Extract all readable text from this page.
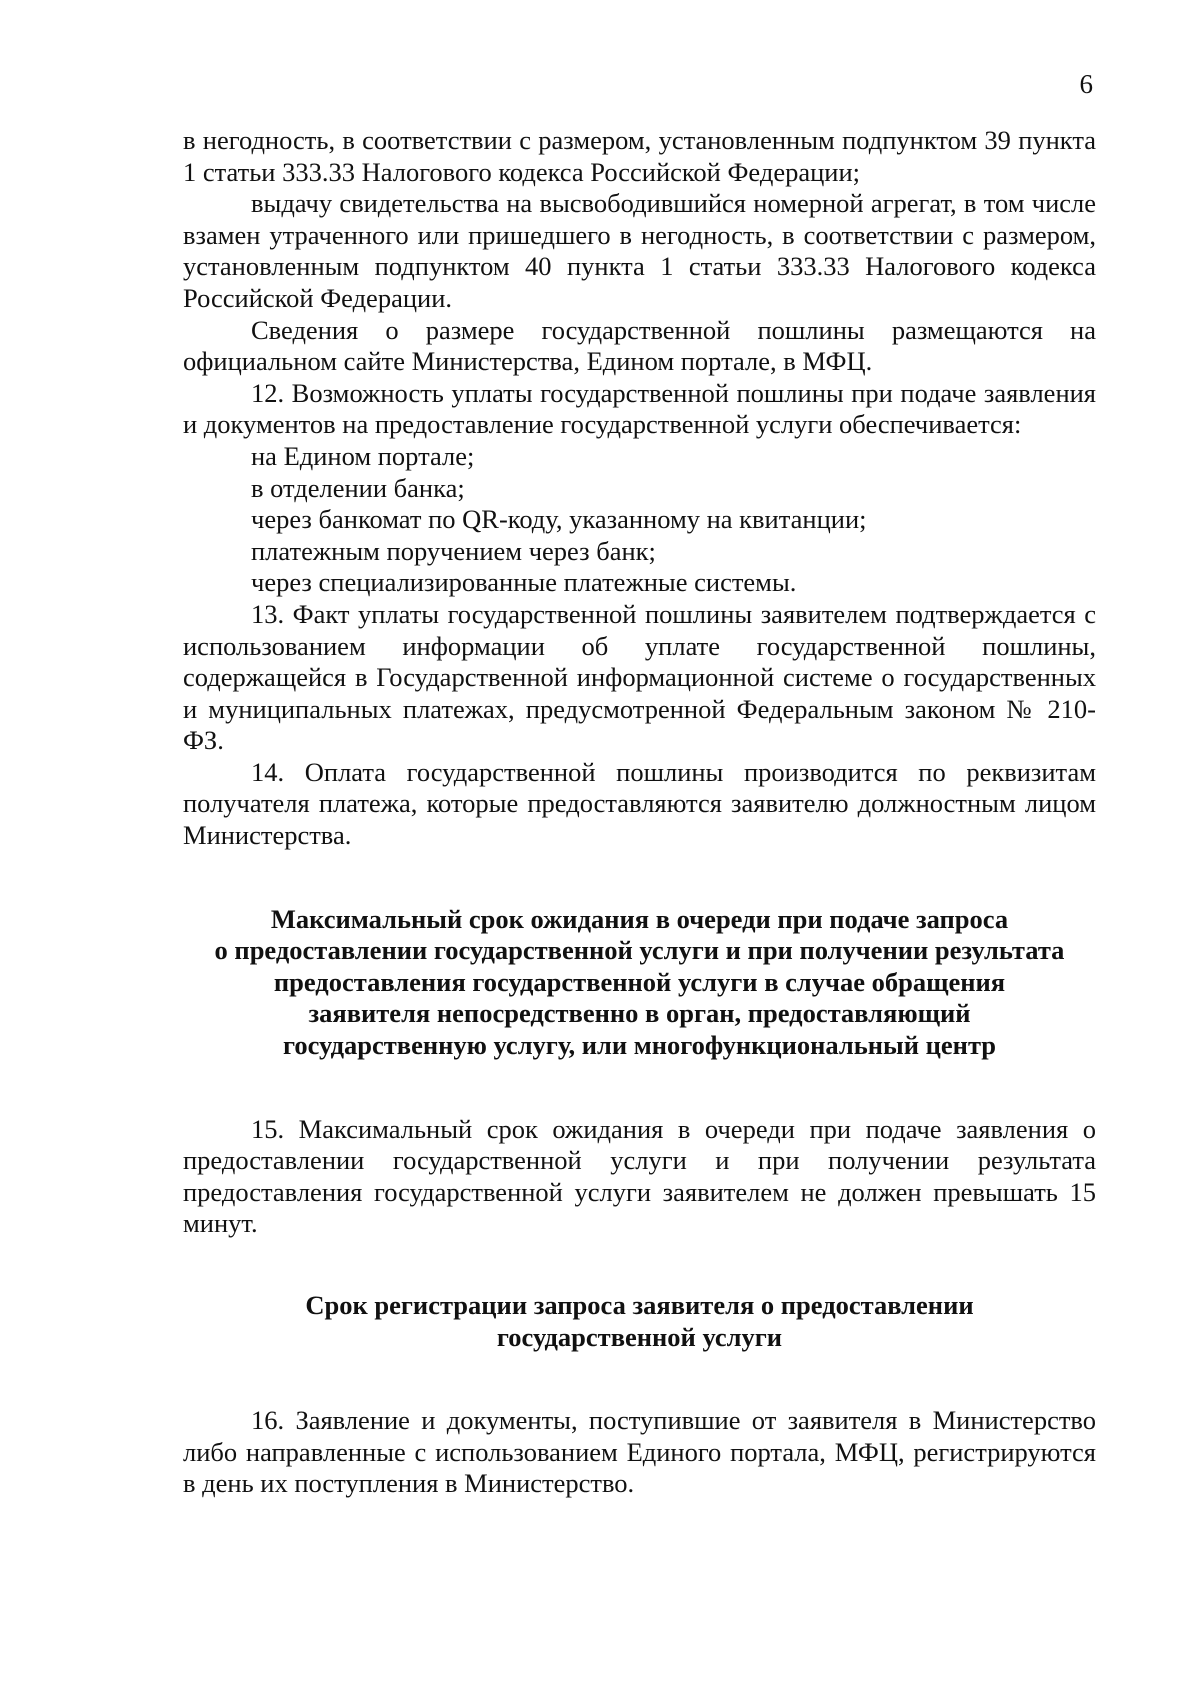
6

в негодность, в соответствии с размером, установленным подпунктом 39 пункта 1 статьи 333.33 Налогового кодекса Российской Федерации;

выдачу свидетельства на высвободившийся номерной агрегат, в том числе взамен утраченного или пришедшего в негодность, в соответствии с размером, установленным подпунктом 40 пункта 1 статьи 333.33 Налогового кодекса Российской Федерации.

Сведения о размере государственной пошлины размещаются на официальном сайте Министерства, Едином портале, в МФЦ.

12. Возможность уплаты государственной пошлины при подаче заявления и документов на предоставление государственной услуги обеспечивается:

на Едином портале;

в отделении банка;

через банкомат по QR-коду, указанному на квитанции;

платежным поручением через банк;

через специализированные платежные системы.

13. Факт уплаты государственной пошлины заявителем подтверждается с использованием информации об уплате государственной пошлины, содержащейся в Государственной информационной системе о государственных и муниципальных платежах, предусмотренной Федеральным законом № 210-ФЗ.

14. Оплата государственной пошлины производится по реквизитам получателя платежа, которые предоставляются заявителю должностным лицом Министерства.

Максимальный срок ожидания в очереди при подаче запроса
о предоставлении государственной услуги и при получении результата
предоставления государственной услуги в случае обращения
заявителя непосредственно в орган, предоставляющий
государственную услугу, или многофункциональный центр

15. Максимальный срок ожидания в очереди при подаче заявления о предоставлении государственной услуги и при получении результата предоставления государственной услуги заявителем не должен превышать 15 минут.

Срок регистрации запроса заявителя о предоставлении
государственной услуги

16. Заявление и документы, поступившие от заявителя в Министерство либо направленные с использованием Единого портала, МФЦ, регистрируются в день их поступления в Министерство.
